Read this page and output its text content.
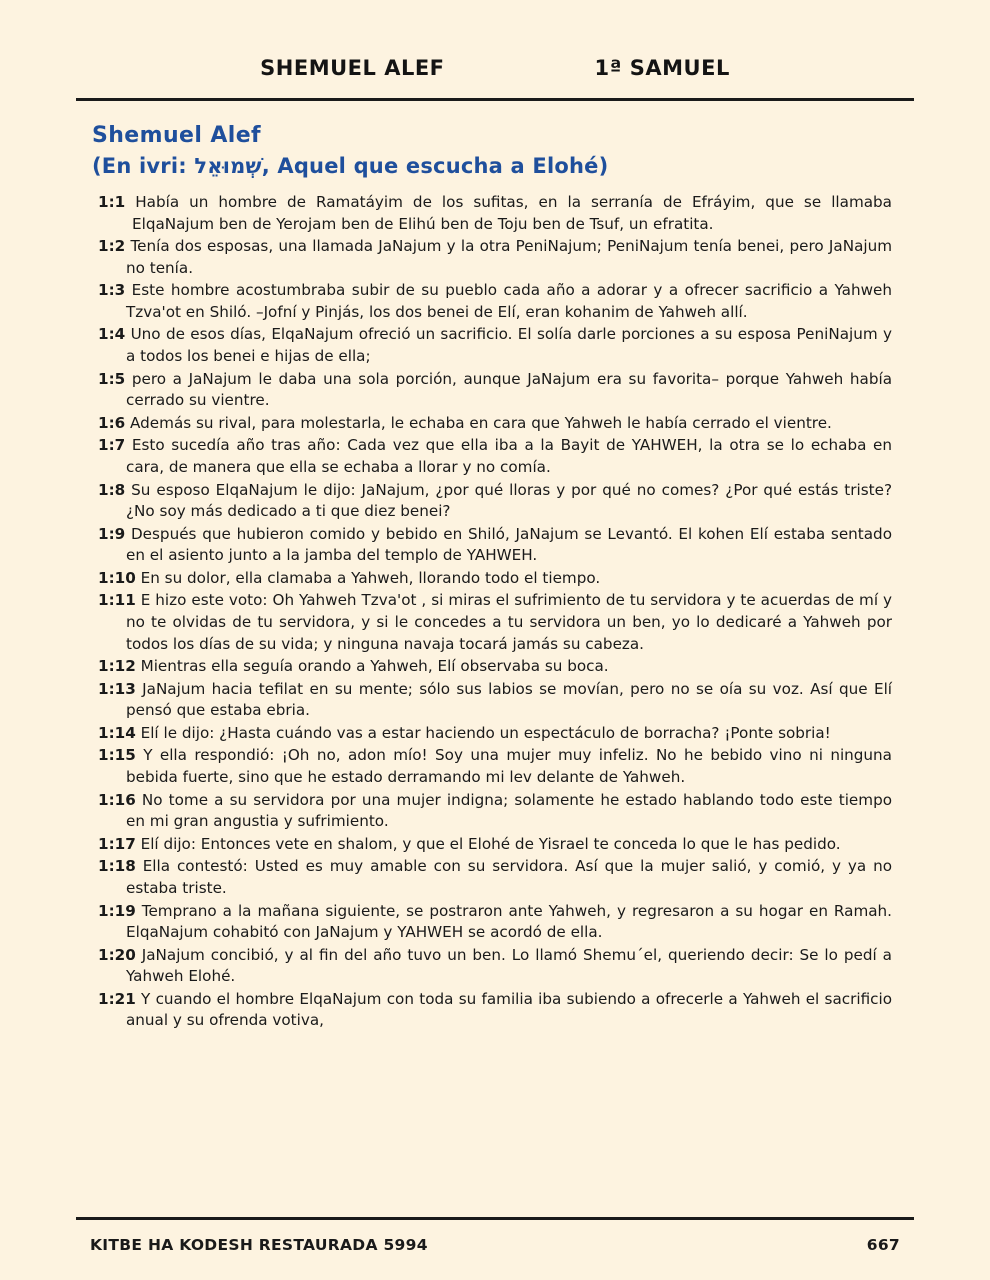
SHEMUEL ALEF	1ª SAMUEL
Shemuel Alef
(En ivri: שְׁמוּאֵל, Aquel que escucha a Elohé)
1:1 Había un hombre de Ramatáyim de los sufitas, en la serranía de Efráyim, que se llamaba ElqaNajum ben de Yerojam ben de Elihú ben de Toju ben de Tsuf, un efratita.
1:2 Tenía dos esposas, una llamada JaNajum y la otra PeniNajum; PeniNajum tenía benei, pero JaNajum no tenía.
1:3 Este hombre acostumbraba subir de su pueblo cada año a adorar y a ofrecer sacrificio a Yahweh Tzva'ot en Shiló. –Jofní y Pinjás, los dos benei de Elí, eran kohanim de Yahweh allí.
1:4 Uno de esos días, ElqaNajum ofreció un sacrificio. El solía darle porciones a su esposa PeniNajum y a todos los benei e hijas de ella;
1:5 pero a JaNajum le daba una sola porción, aunque JaNajum era su favorita– porque Yahweh había cerrado su vientre.
1:6 Además su rival, para molestarla, le echaba en cara que Yahweh le había cerrado el vientre.
1:7 Esto sucedía año tras año: Cada vez que ella iba a la Bayit de YAHWEH, la otra se lo echaba en cara, de manera que ella se echaba a llorar y no comía.
1:8 Su esposo ElqaNajum le dijo: JaNajum, ¿por qué lloras y por qué no comes? ¿Por qué estás triste? ¿No soy más dedicado a ti que diez benei?
1:9 Después que hubieron comido y bebido en Shiló, JaNajum se Levantó. El kohen Elí estaba sentado en el asiento junto a la jamba del templo de YAHWEH.
1:10 En su dolor, ella clamaba a Yahweh, llorando todo el tiempo.
1:11 E hizo este voto: Oh Yahweh Tzva'ot , si miras el sufrimiento de tu servidora y te acuerdas de mí y no te olvidas de tu servidora, y si le concedes a tu servidora un ben, yo lo dedicaré a Yahweh por todos los días de su vida; y ninguna navaja tocará jamás su cabeza.
1:12 Mientras ella seguía orando a Yahweh, Elí observaba su boca.
1:13 JaNajum hacia tefilat en su mente; sólo sus labios se movían, pero no se oía su voz. Así que Elí pensó que estaba ebria.
1:14 Elí le dijo: ¿Hasta cuándo vas a estar haciendo un espectáculo de borracha? ¡Ponte sobria!
1:15 Y ella respondió: ¡Oh no, adon mío! Soy una mujer muy infeliz. No he bebido vino ni ninguna bebida fuerte, sino que he estado derramando mi lev delante de Yahweh.
1:16 No tome a su servidora por una mujer indigna; solamente he estado hablando todo este tiempo en mi gran angustia y sufrimiento.
1:17 Elí dijo: Entonces vete en shalom, y que el Elohé de Yisrael te conceda lo que le has pedido.
1:18 Ella contestó: Usted es muy amable con su servidora. Así que la mujer salió, y comió, y ya no estaba triste.
1:19 Temprano a la mañana siguiente, se postraron ante Yahweh, y regresaron a su hogar en Ramah. ElqaNajum cohabitó con JaNajum y YAHWEH se acordó de ella.
1:20 JaNajum concibió, y al fin del año tuvo un ben. Lo llamó Shemu´el, queriendo decir: Se lo pedí a Yahweh Elohé.
1:21 Y cuando el hombre ElqaNajum con toda su familia iba subiendo a ofrecerle a Yahweh el sacrificio anual y su ofrenda votiva,
KITBE HA KODESH RESTAURADA 5994	667
